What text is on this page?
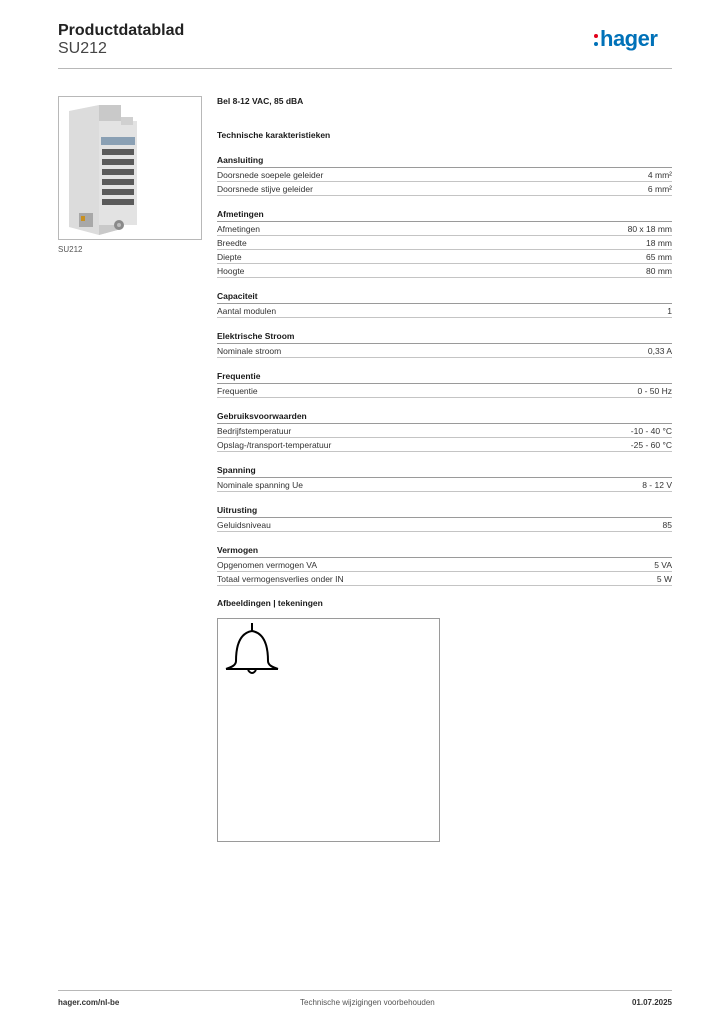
Productdatablad
SU212	hager
SU212
Bel 8-12 VAC, 85 dBA
Technische karakteristieken
Aansluiting
Doorsnede soepele geleider	4 mm²
Doorsnede stijve geleider	6 mm²
Afmetingen
Afmetingen	80 x 18 mm
Breedte	18 mm
Diepte	65 mm
Hoogte	80 mm
Capaciteit
Aantal modulen	1
Elektrische Stroom
Nominale stroom	0,33 A
Frequentie
Frequentie	0 - 50 Hz
Gebruiksvoorwaarden
Bedrijfstemperatuur	-10 - 40 °C
Opslag-/transport-temperatuur	-25 - 60 °C
Spanning
Nominale spanning Ue	8 - 12 V
Uitrusting
Geluidsniveau	85
Vermogen
Opgenomen vermogen VA	5 VA
Totaal vermogensverlies onder IN	5 W
Afbeeldingen | tekeningen
hager.com/nl-be	Technische wijzigingen voorbehouden	01.07.2025
